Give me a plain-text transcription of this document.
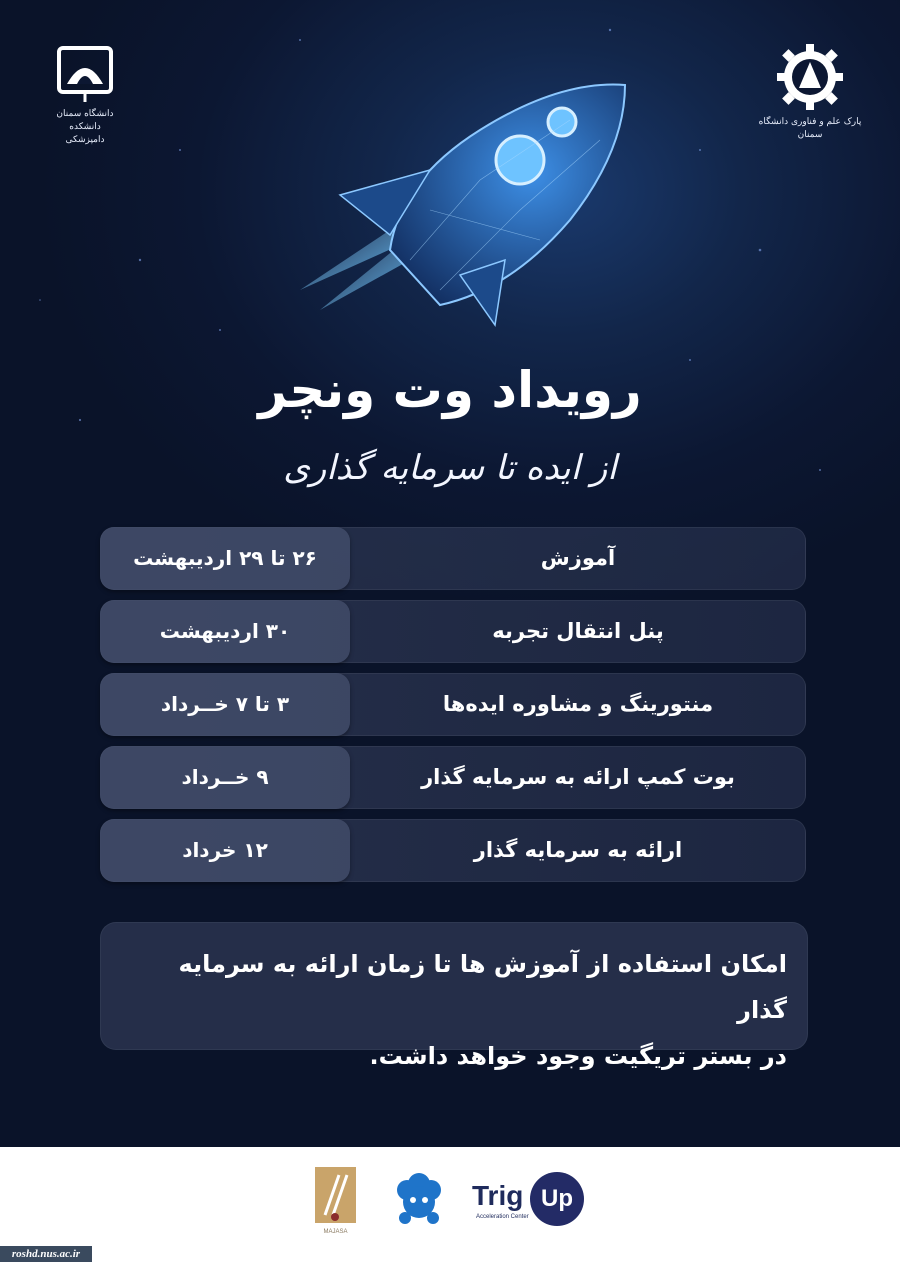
دانشگاه سمنان
دانشکده دامپزشکی
پارک علم و فناوری دانشگاه سمنان
رویداد وت ونچر
از ایده تا سرمایه گذاری
۲۶ تا ۲۹ اردیبهشت	آموزش
۳۰ اردیبهشت	پنل انتقال تجربه
۳ تا ۷ خــرداد	منتورینگ و مشاوره ایده‌ها
۹ خــرداد	بوت کمپ ارائه به سرمایه گذار
۱۲ خرداد	ارائه به سرمایه گذار
امکان استفاده از آموزش ها تا زمان ارائه به سرمایه گذار
در بستر تریگیت وجود خواهد داشت.
MAJASA
Trig Up
Acceleration Center
roshd.nus.ac.ir
